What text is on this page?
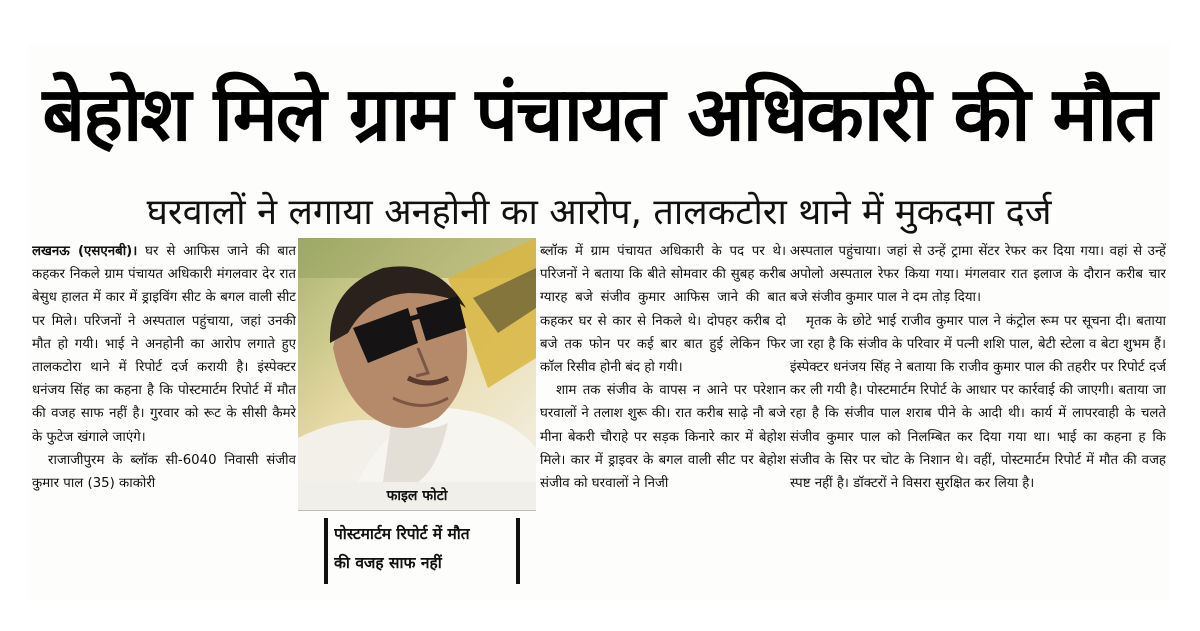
बेहोश मिले ग्राम पंचायत अधिकारी की मौत
घरवालों ने लगाया अनहोनी का आरोप, तालकटोरा थाने में मुकदमा दर्ज

लखनऊ (एसएनबी)। घर से आफिस जाने की बात कहकर निकले ग्राम पंचायत अधिकारी मंगलवार देर रात बेसुध हालत में कार में ड्राइविंग सीट के बगल वाली सीट पर मिले। परिजनों ने अस्पताल पहुंचाया, जहां उनकी मौत हो गयी। भाई ने अनहोनी का आरोप लगाते हुए तालकटोरा थाने में रिपोर्ट दर्ज करायी है। इंस्पेक्टर धनंजय सिंह का कहना है कि पोस्टमार्टम रिपोर्ट में मौत की वजह साफ नहीं है। गुरवार को रूट के सीसी कैमरे के फुटेज खंगाले जाएंगे।

राजाजीपुरम के ब्लॉक सी-6040 निवासी संजीव कुमार पाल (35) काकोरी

फाइल फोटो
पोस्टमार्टम रिपोर्ट में मौत
की वजह साफ नहीं

ब्लॉक में ग्राम पंचायत अधिकारी के पद पर थे। परिजनों ने बताया कि बीते सोमवार की सुबह करीब ग्यारह बजे संजीव कुमार आफिस जाने की बात कहकर घर से कार से निकले थे। दोपहर करीब दो बजे तक फोन पर कई बार बात हुई लेकिन फिर कॉल रिसीव होनी बंद हो गयी।

शाम तक संजीव के वापस न आने पर परेशान घरवालों ने तलाश शुरू की। रात करीब साढ़े नौ बजे मीना बेकरी चौराहे पर सड़क किनारे कार में बेहोश मिले। कार में ड्राइवर के बगल वाली सीट पर बेहोश संजीव को घरवालों ने निजी

अस्पताल पहुंचाया। जहां से उन्हें ट्रामा सेंटर रेफर कर दिया गया। वहां से उन्हें अपोलो अस्पताल रेफर किया गया। मंगलवार रात इलाज के दौरान करीब चार बजे संजीव कुमार पाल ने दम तोड़ दिया।

मृतक के छोटे भाई राजीव कुमार पाल ने कंट्रोल रूम पर सूचना दी। बताया जा रहा है कि संजीव के परिवार में पत्नी शशि पाल, बेटी स्टेला व बेटा शुभम हैं। इंस्पेक्टर धनंजय सिंह ने बताया कि राजीव कुमार पाल की तहरीर पर रिपोर्ट दर्ज कर ली गयी है। पोस्टमार्टम रिपोर्ट के आधार पर कार्रवाई की जाएगी। बताया जा रहा है कि संजीव पाल शराब पीने के आदी थी। कार्य में लापरवाही के चलते संजीव कुमार पाल को निलम्बित कर दिया गया था। भाई का कहना ह कि संजीव के सिर पर चोट के निशान थे। वहीं, पोस्टमार्टम रिपोर्ट में मौत की वजह स्पष्ट नहीं है। डॉक्टरों ने विसरा सुरक्षित कर लिया है।
